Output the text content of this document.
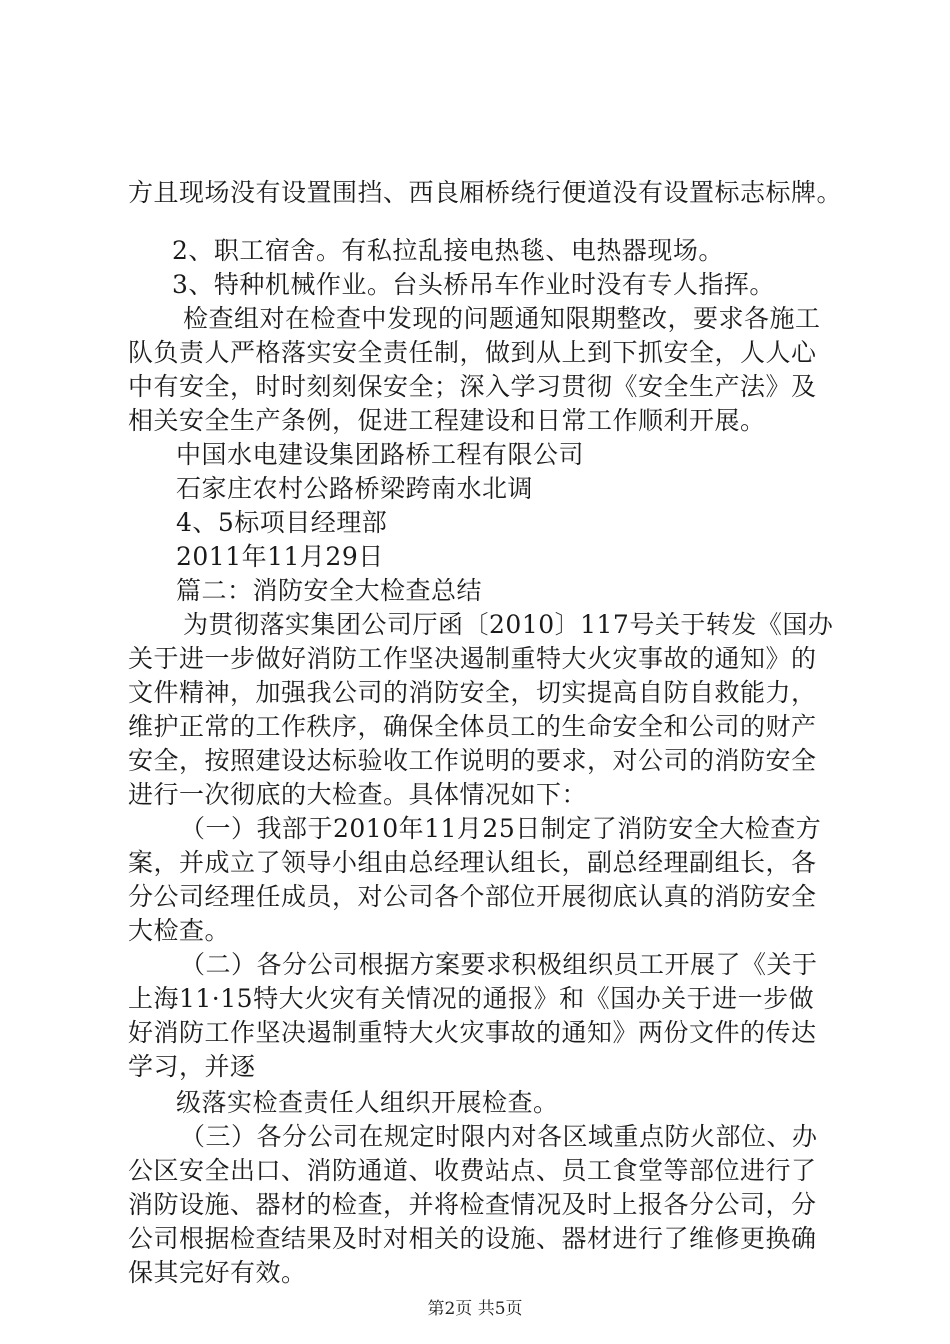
方且现场没有设置围挡、西良厢桥绕行便道没有设置标志标牌。
2、职工宿舍。有私拉乱接电热毯、电热器现场。
3、特种机械作业。台头桥吊车作业时没有专人指挥。
检查组对在检查中发现的问题通知限期整改，要求各施工
队负责人严格落实安全责任制，做到从上到下抓安全，人人心
中有安全，时时刻刻保安全；深入学习贯彻《安全生产法》及
相关安全生产条例，促进工程建设和日常工作顺利开展。
中国水电建设集团路桥工程有限公司
石家庄农村公路桥梁跨南水北调
4、5标项目经理部
2011年11月29日
篇二：消防安全大检查总结
为贯彻落实集团公司厅函〔2010〕117号关于转发《国办
关于进一步做好消防工作坚决遏制重特大火灾事故的通知》的
文件精神，加强我公司的消防安全，切实提高自防自救能力，
维护正常的工作秩序，确保全体员工的生命安全和公司的财产
安全，按照建设达标验收工作说明的要求，对公司的消防安全
进行一次彻底的大检查。具体情况如下：
（一）我部于2010年11月25日制定了消防安全大检查方
案，并成立了领导小组由总经理认组长，副总经理副组长，各
分公司经理任成员，对公司各个部位开展彻底认真的消防安全
大检查。
（二）各分公司根据方案要求积极组织员工开展了《关于
上海11·15特大火灾有关情况的通报》和《国办关于进一步做
好消防工作坚决遏制重特大火灾事故的通知》两份文件的传达
学习，并逐
级落实检查责任人组织开展检查。
（三）各分公司在规定时限内对各区域重点防火部位、办
公区安全出口、消防通道、收费站点、员工食堂等部位进行了
消防设施、器材的检查，并将检查情况及时上报各分公司，分
公司根据检查结果及时对相关的设施、器材进行了维修更换确
保其完好有效。
第2页 共5页
